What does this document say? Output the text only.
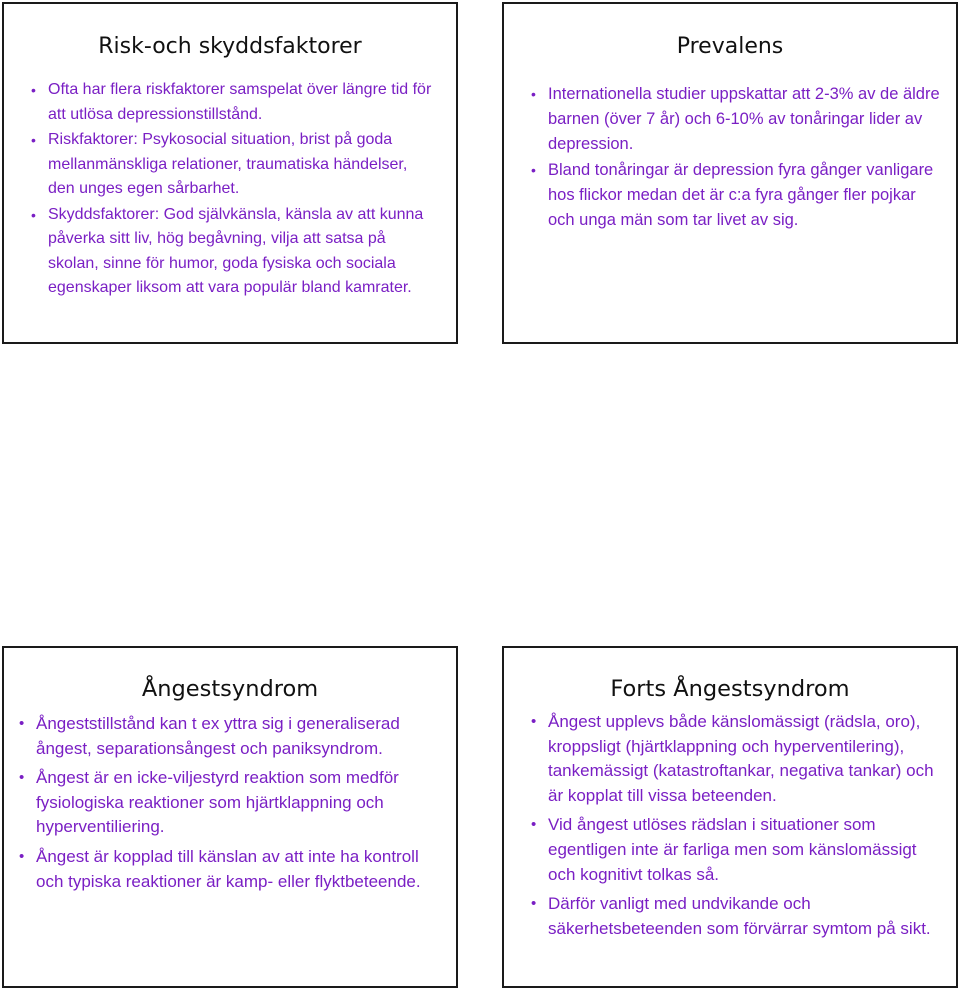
Risk-och skyddsfaktorer
• Ofta har flera riskfaktorer samspelat över längre tid för att utlösa depressionstillstånd.
• Riskfaktorer: Psykosocial situation, brist på goda mellanmänskliga relationer, traumatiska händelser, den unges egen sårbarhet.
• Skyddsfaktorer: God självkänsla, känsla av att kunna påverka sitt liv, hög begåvning, vilja att satsa på skolan, sinne för humor, goda fysiska och sociala egenskaper liksom att vara populär bland kamrater.
Prevalens
• Internationella studier uppskattar att 2-3% av de äldre barnen (över 7 år) och 6-10% av tonåringar lider av depression.
• Bland tonåringar är depression fyra gånger vanligare hos flickor medan det är c:a fyra gånger fler pojkar och unga män som tar livet av sig.
Ångestsyndrom
• Ångeststillstånd kan t ex yttra sig i generaliserad ångest, separationsångest och paniksyndrom.
• Ångest är en icke-viljestyrd reaktion som medför fysiologiska reaktioner som hjärtklappning och hyperventiliering.
• Ångest är kopplad till känslan av att inte ha kontroll och typiska reaktioner är kamp- eller flyktbeteende.
Forts Ångestsyndrom
• Ångest upplevs både känslomässigt (rädsla, oro), kroppsligt (hjärtklappning och hyperventilering), tankemässigt (katastroftankar, negativa tankar) och är kopplat till vissa beteenden.
• Vid ångest utlöses rädslan i situationer som egentligen inte är farliga men som känslomässigt och kognitivt tolkas så.
• Därför vanligt med undvikande och säkerhetsbeteenden som förvärrar symtom på sikt.
